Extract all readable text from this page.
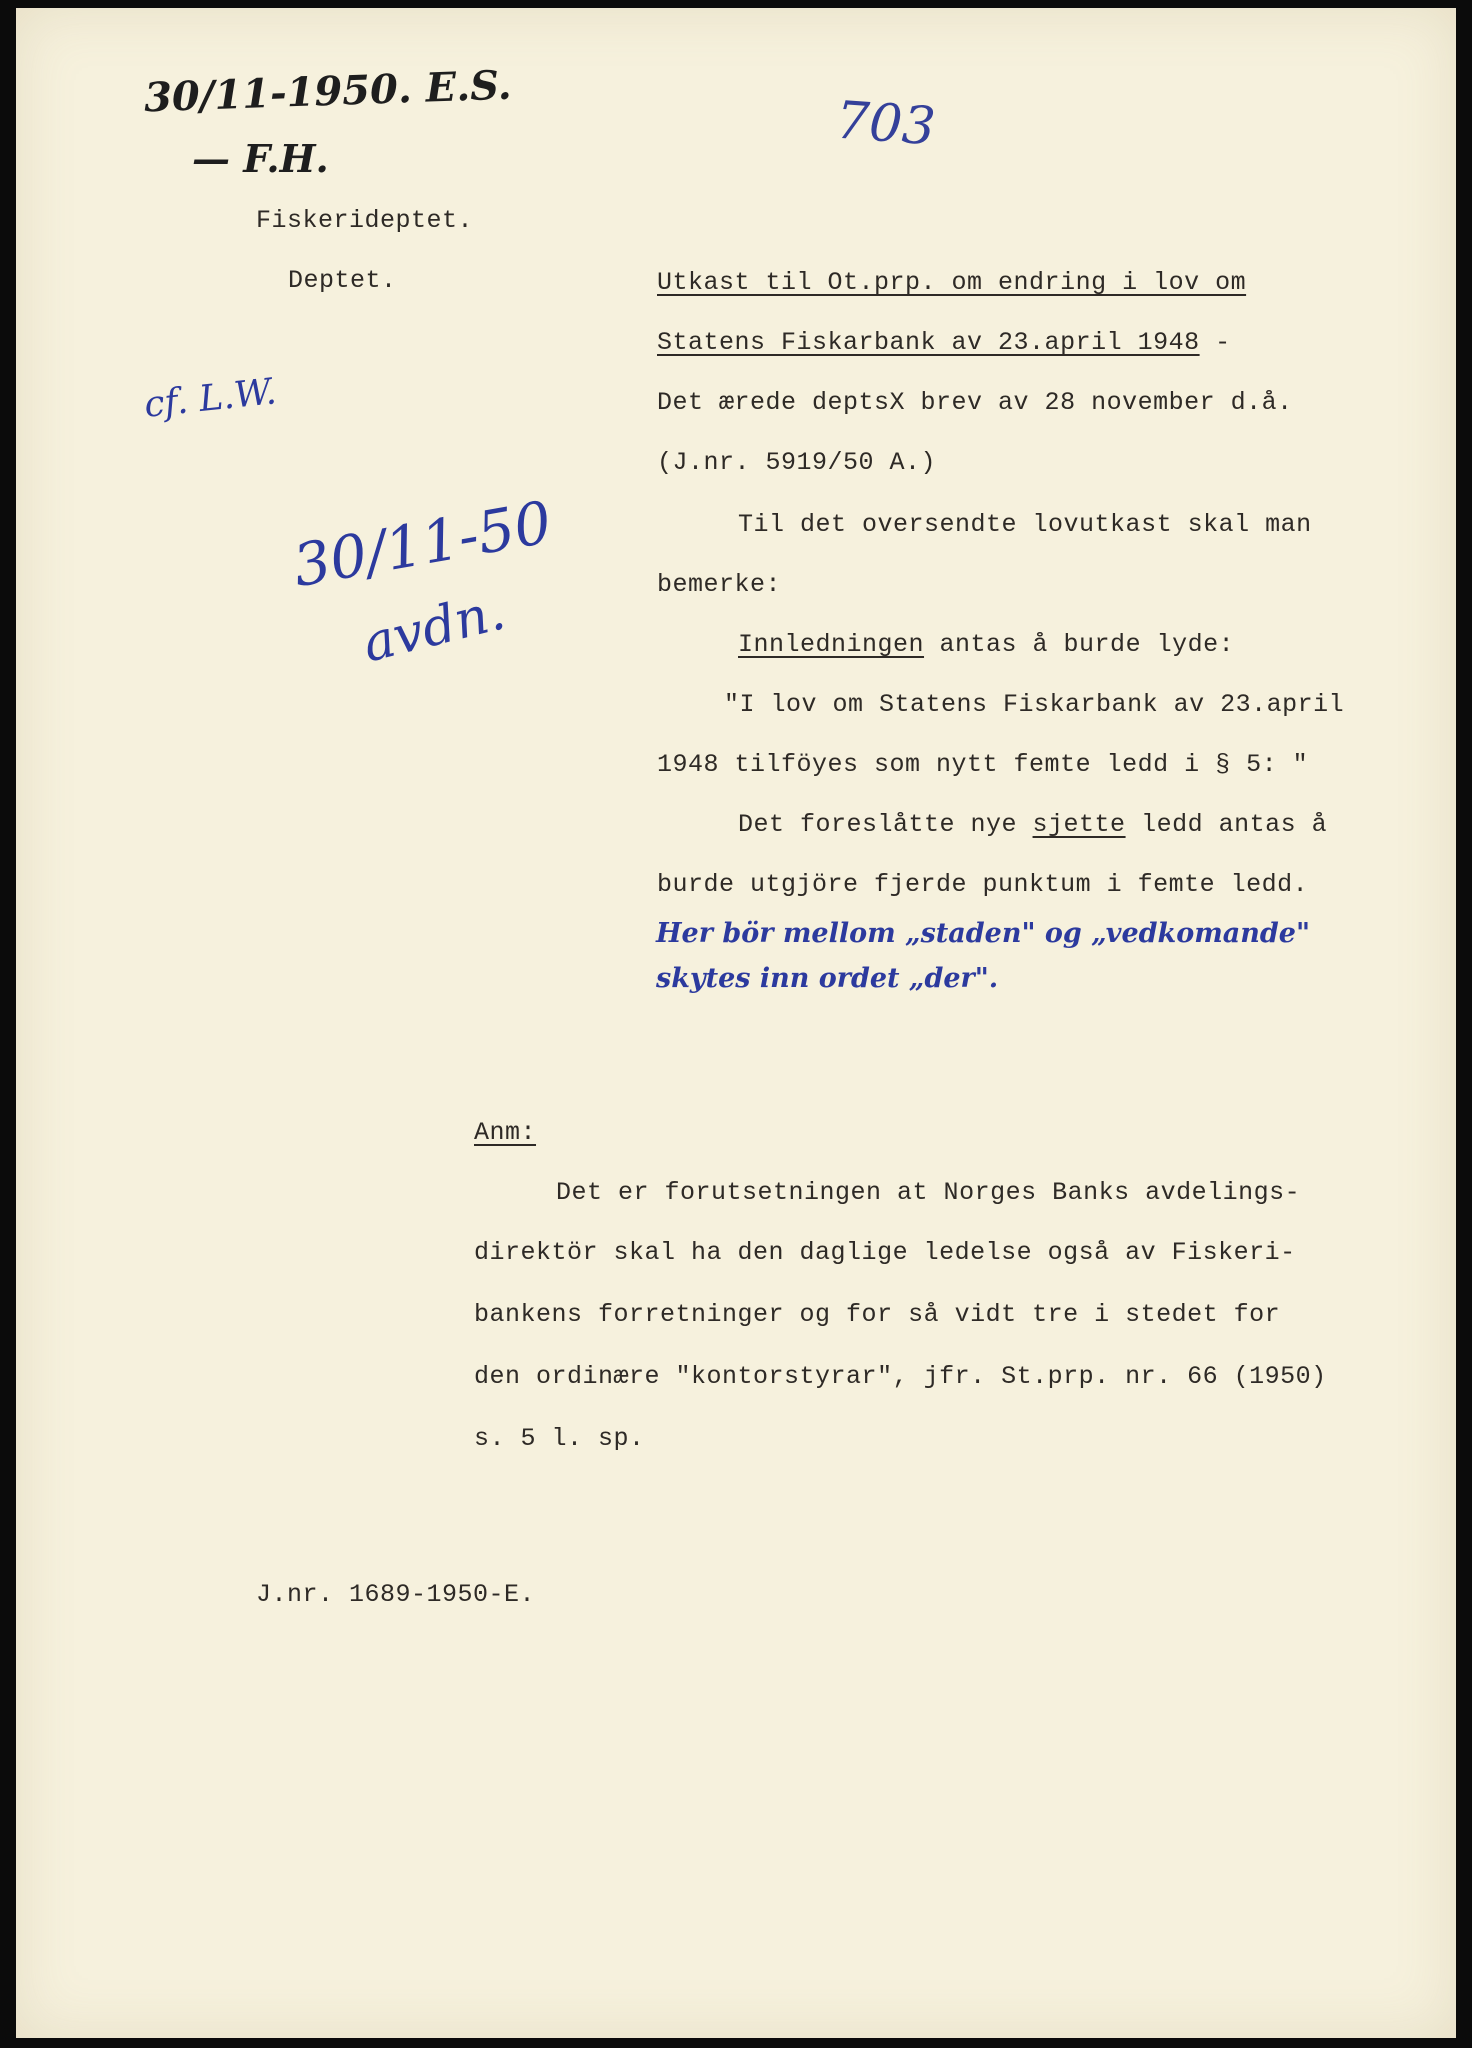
30/11-1950. E.S.
— F.H.
703
cf. L.W.
30/11-50
avdn.
Fiskerideptet.
Deptet.	Utkast til Ot.prp. om endring i lov om
Statens Fiskarbank av 23.april 1948 -
Det ærede deptsX brev av 28 november d.å.
(J.nr. 5919/50 A.)
Til det oversendte lovutkast skal man
bemerke:
Innledningen antas å burde lyde:
"I lov om Statens Fiskarbank av 23.april
1948 tilföyes som nytt femte ledd i § 5: "
Det foreslåtte nye sjette ledd antas å
burde utgjöre fjerde punktum i femte ledd.
Her bör mellom „staden" og „vedkomande"
skytes inn ordet „der".
Anm:
Det er forutsetningen at Norges Banks avdelings-
direktör skal ha den daglige ledelse også av Fiskeri-
bankens forretninger og for så vidt tre i stedet for
den ordinære "kontorstyrar", jfr. St.prp. nr. 66 (1950)
s. 5 l. sp.
J.nr. 1689-1950-E.
